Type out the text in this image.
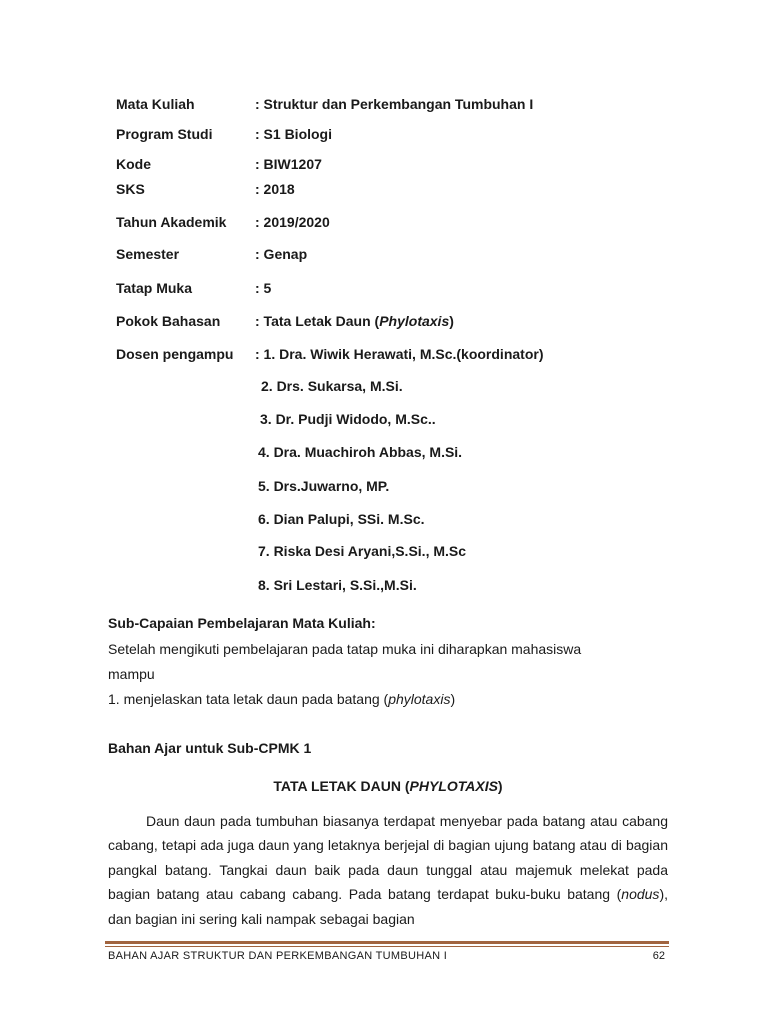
Mata Kuliah	: Struktur dan Perkembangan Tumbuhan I
Program Studi	: S1 Biologi
Kode	: BIW1207
SKS	: 2018
Tahun Akademik : 2019/2020
Semester	: Genap
Tatap Muka	: 5
Pokok Bahasan : Tata Letak Daun (Phylotaxis)
Dosen pengampu : 1. Dra. Wiwik Herawati, M.Sc.(koordinator)
2. Drs. Sukarsa, M.Si.
3. Dr. Pudji Widodo, M.Sc..
4. Dra. Muachiroh Abbas, M.Si.
5. Drs.Juwarno, MP.
6. Dian Palupi, SSi. M.Sc.
7. Riska Desi Aryani,S.Si., M.Sc
8. Sri Lestari, S.Si.,M.Si.
Sub-Capaian Pembelajaran Mata Kuliah:
Setelah mengikuti pembelajaran pada tatap muka ini diharapkan mahasiswa
mampu
1. menjelaskan tata letak daun pada batang (phylotaxis)
Bahan Ajar untuk Sub-CPMK 1
TATA LETAK DAUN (PHYLOTAXIS)

Daun daun pada tumbuhan biasanya terdapat menyebar pada batang atau cabang cabang, tetapi ada juga daun yang letaknya berjejal di bagian ujung batang atau di bagian pangkal batang. Tangkai daun baik pada daun tunggal atau majemuk melekat pada bagian batang atau cabang cabang. Pada batang terdapat buku-buku batang (nodus), dan bagian ini sering kali nampak sebagai bagian

BAHAN AJAR STRUKTUR DAN PERKEMBANGAN TUMBUHAN I	62
